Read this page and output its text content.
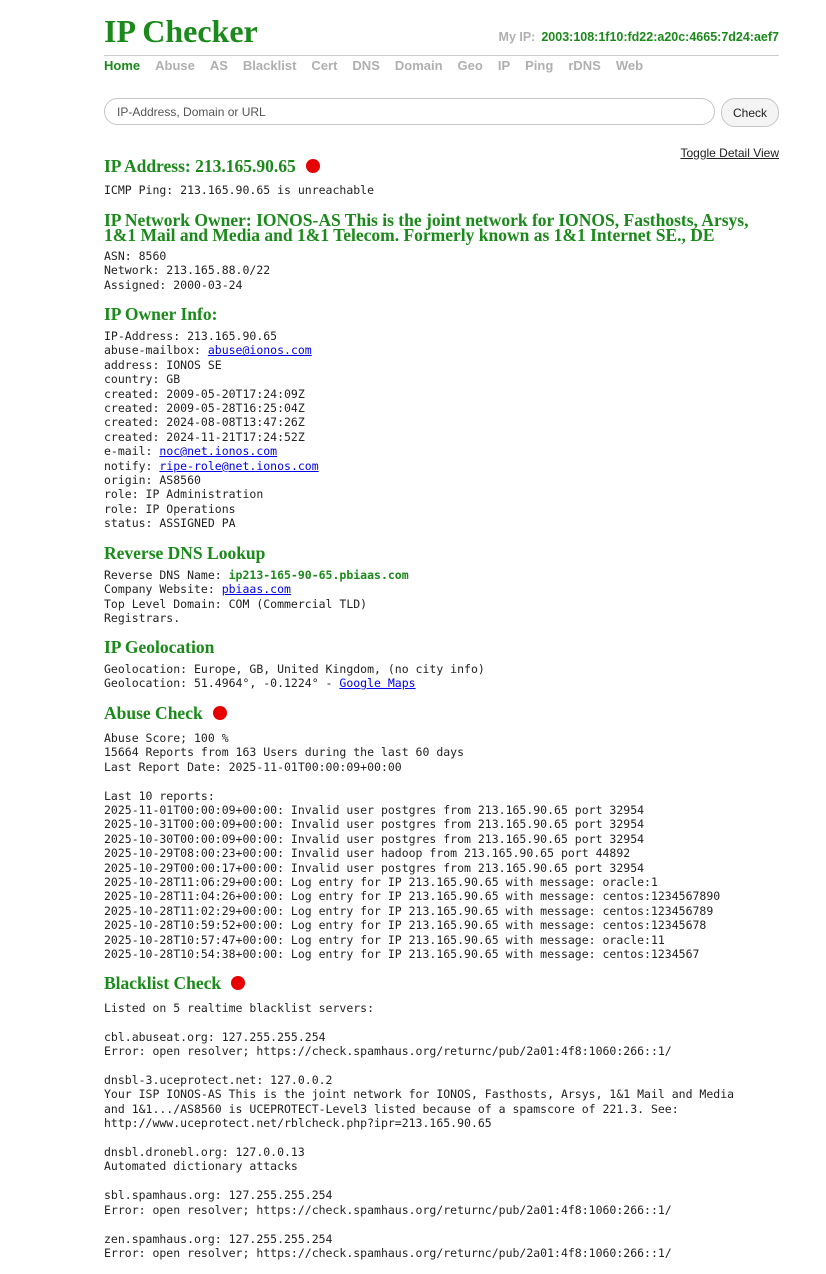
IP Checker	My IP: 2003:108:1f10:fd22:a20c:4665:7d24:aef7
Home Abuse AS Blacklist Cert DNS Domain Geo IP Ping rDNS Web
IP-Address, Domain or URL
Check
Toggle Detail View
IP Address: 213.165.90.65
ICMP Ping: 213.165.90.65 is unreachable
IP Network Owner: IONOS-AS This is the joint network for IONOS, Fasthosts, Arsys, 1&1 Mail and Media and 1&1 Telecom. Formerly known as 1&1 Internet SE., DE
ASN: 8560
Network: 213.165.88.0/22
Assigned: 2000-03-24
IP Owner Info:
IP-Address: 213.165.90.65
abuse-mailbox: abuse@ionos.com
address: IONOS SE
country: GB
created: 2009-05-20T17:24:09Z
created: 2009-05-28T16:25:04Z
created: 2024-08-08T13:47:26Z
created: 2024-11-21T17:24:52Z
e-mail: noc@net.ionos.com
notify: ripe-role@net.ionos.com
origin: AS8560
role: IP Administration
role: IP Operations
status: ASSIGNED PA
Reverse DNS Lookup
Reverse DNS Name: ip213-165-90-65.pbiaas.com
Company Website: pbiaas.com
Top Level Domain: COM (Commercial TLD)
Registrars.
IP Geolocation
Geolocation: Europe, GB, United Kingdom, (no city info)
Geolocation: 51.4964°, -0.1224° - Google Maps
Abuse Check
Abuse Score; 100 %
15664 Reports from 163 Users during the last 60 days
Last Report Date: 2025-11-01T00:00:09+00:00

Last 10 reports:
2025-11-01T00:00:09+00:00: Invalid user postgres from 213.165.90.65 port 32954
2025-10-31T00:00:09+00:00: Invalid user postgres from 213.165.90.65 port 32954
2025-10-30T00:00:09+00:00: Invalid user postgres from 213.165.90.65 port 32954
2025-10-29T08:00:23+00:00: Invalid user hadoop from 213.165.90.65 port 44892
2025-10-29T00:00:17+00:00: Invalid user postgres from 213.165.90.65 port 32954
2025-10-28T11:06:29+00:00: Log entry for IP 213.165.90.65 with message: oracle:1
2025-10-28T11:04:26+00:00: Log entry for IP 213.165.90.65 with message: centos:1234567890
2025-10-28T11:02:29+00:00: Log entry for IP 213.165.90.65 with message: centos:123456789
2025-10-28T10:59:52+00:00: Log entry for IP 213.165.90.65 with message: centos:12345678
2025-10-28T10:57:47+00:00: Log entry for IP 213.165.90.65 with message: oracle:11
2025-10-28T10:54:38+00:00: Log entry for IP 213.165.90.65 with message: centos:1234567
Blacklist Check
Listed on 5 realtime blacklist servers:

cbl.abuseat.org: 127.255.255.254
Error: open resolver; https://check.spamhaus.org/returnc/pub/2a01:4f8:1060:266::1/

dnsbl-3.uceprotect.net: 127.0.0.2
Your ISP IONOS-AS This is the joint network for IONOS, Fasthosts, Arsys, 1&1 Mail and Media
and 1&1.../AS8560 is UCEPROTECT-Level3 listed because of a spamscore of 221.3. See:
http://www.uceprotect.net/rblcheck.php?ipr=213.165.90.65

dnsbl.dronebl.org: 127.0.0.13
Automated dictionary attacks

sbl.spamhaus.org: 127.255.255.254
Error: open resolver; https://check.spamhaus.org/returnc/pub/2a01:4f8:1060:266::1/

zen.spamhaus.org: 127.255.255.254
Error: open resolver; https://check.spamhaus.org/returnc/pub/2a01:4f8:1060:266::1/
